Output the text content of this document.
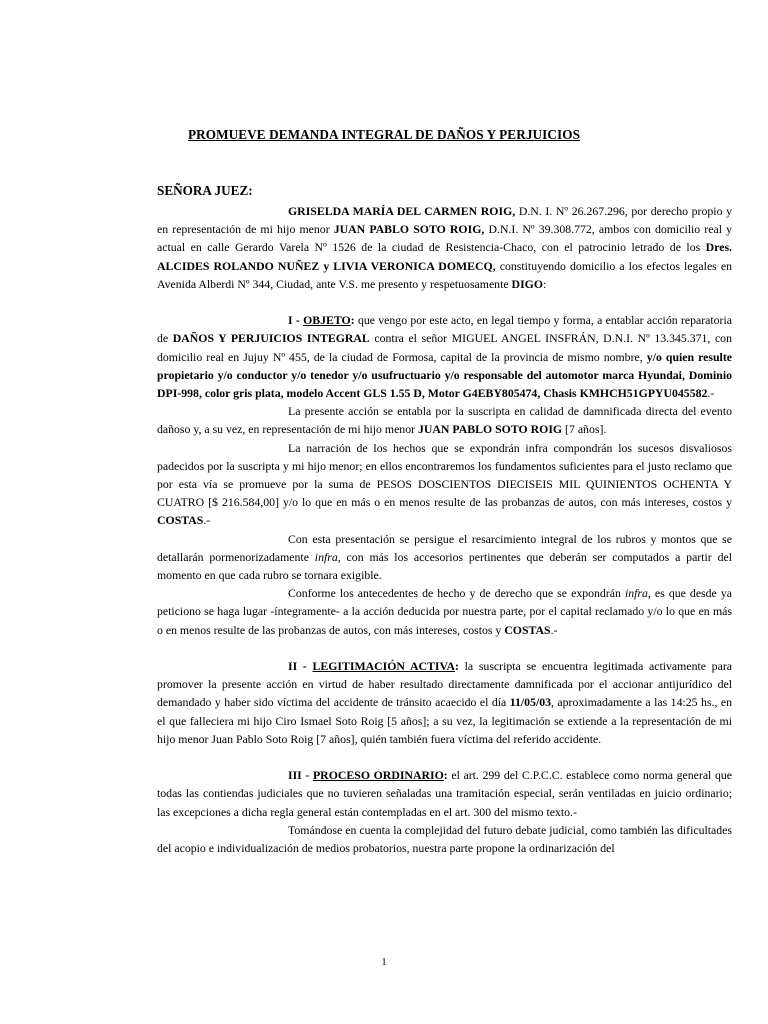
PROMUEVE DEMANDA INTEGRAL DE DAÑOS Y PERJUICIOS
SEÑORA JUEZ:

GRISELDA MARÍA DEL CARMEN ROIG, D.N. I. Nº 26.267.296, por derecho propio y en representación de mi hijo menor JUAN PABLO SOTO ROIG, D.N.I. Nº 39.308.772, ambos con domicilio real y actual en calle Gerardo Varela Nº 1526 de la ciudad de Resistencia-Chaco, con el patrocinio letrado de los Dres. ALCIDES ROLANDO NUÑEZ y LIVIA VERONICA DOMECQ, constituyendo domicilio a los efectos legales en Avenida Alberdi Nº 344, Ciudad, ante V.S. me presento y respetuosamente DIGO:

I - OBJETO: que vengo por este acto, en legal tiempo y forma, a entablar acción reparatoria de DAÑOS Y PERJUICIOS INTEGRAL contra el señor MIGUEL ANGEL INSFRÁN, D.N.I. Nº 13.345.371, con domicilio real en Jujuy Nº 455, de la ciudad de Formosa, capital de la provincia de mismo nombre, y/o quien resulte propietario y/o conductor y/o tenedor y/o usufructuario y/o responsable del automotor marca Hyundai, Dominio DPI-998, color gris plata, modelo Accent GLS 1.55 D, Motor G4EBY805474, Chasis KMHCH51GPYU045582.-

La presente acción se entabla por la suscripta en calidad de damnificada directa del evento dañoso y, a su vez, en representación de mi hijo menor JUAN PABLO SOTO ROIG [7 años].

La narración de los hechos que se expondrán infra compondrán los sucesos disvaliosos padecidos por la suscripta y mi hijo menor; en ellos encontraremos los fundamentos suficientes para el justo reclamo que por esta vía se promueve por la suma de PESOS DOSCIENTOS DIECISEIS MIL QUINIENTOS OCHENTA Y CUATRO [$ 216.584,00] y/o lo que en más o en menos resulte de las probanzas de autos, con más intereses, costos y COSTAS.-

Con esta presentación se persigue el resarcimiento integral de los rubros y montos que se detallarán pormenorizadamente infra, con más los accesorios pertinentes que deberán ser computados a partir del momento en que cada rubro se tornara exigible.

Conforme los antecedentes de hecho y de derecho que se expondrán infra, es que desde ya peticiono se haga lugar -íntegramente- a la acción deducida por nuestra parte, por el capital reclamado y/o lo que en más o en menos resulte de las probanzas de autos, con más intereses, costos y COSTAS.-

II - LEGITIMACIÓN ACTIVA: la suscripta se encuentra legitimada activamente para promover la presente acción en virtud de haber resultado directamente damnificada por el accionar antijurídico del demandado y haber sido víctima del accidente de tránsito acaecido el día 11/05/03, aproximadamente a las 14:25 hs., en el que falleciera mi hijo Ciro Ismael Soto Roig [5 años]; a su vez, la legitimación se extiende a la representación de mi hijo menor Juan Pablo Soto Roig [7 años], quién también fuera víctima del referido accidente.

III - PROCESO ORDINARIO: el art. 299 del C.P.C.C. establece como norma general que todas las contiendas judiciales que no tuvieren señaladas una tramitación especial, serán ventiladas en juicio ordinario; las excepciones a dicha regla general están contempladas en el art. 300 del mismo texto.-

Tomándose en cuenta la complejidad del futuro debate judicial, como también las dificultades del acopio e individualización de medios probatorios, nuestra parte propone la ordinarización del

1
